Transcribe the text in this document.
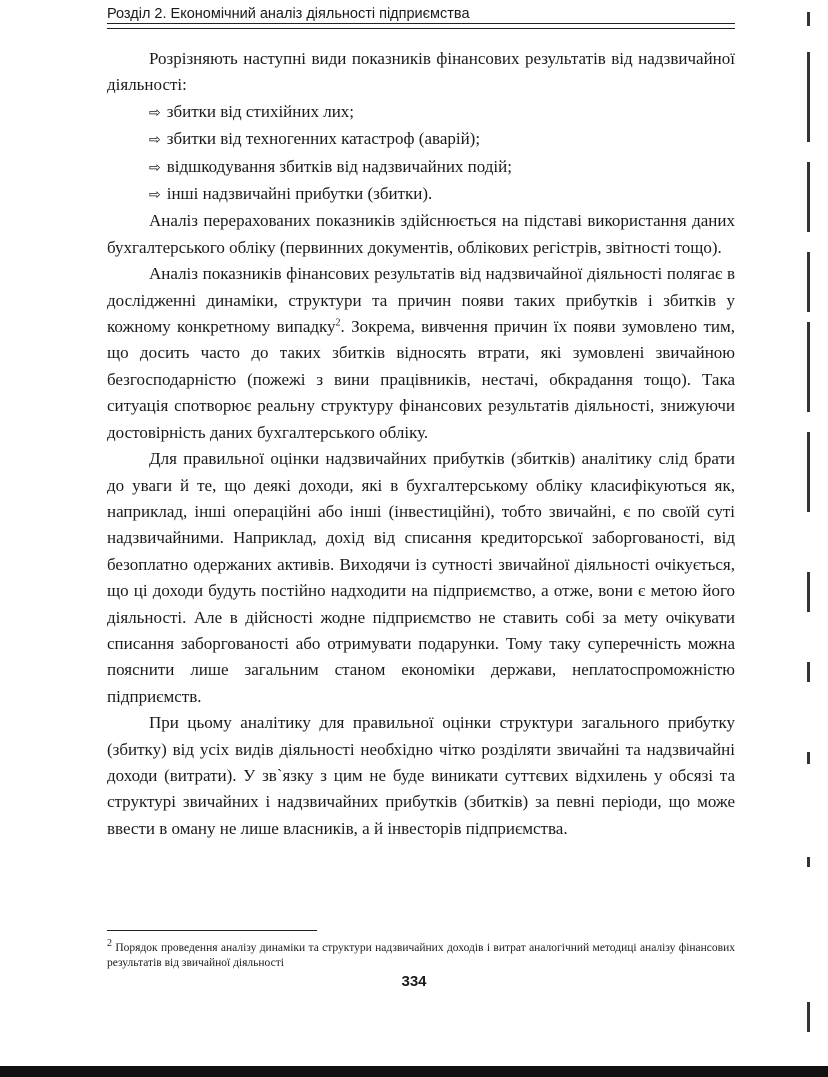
Розділ 2. Економічний аналіз діяльності підприємства

Розрізняють наступні види показників фінансових результатів від надзвичайної діяльності:

⇨ збитки від стихійних лих;
⇨ збитки від техногенних катастроф (аварій);
⇨ відшкодування збитків від надзвичайних подій;
⇨ інші надзвичайні прибутки (збитки).

Аналіз перерахованих показників здійснюється на підставі використання даних бухгалтерського обліку (первинних документів, облікових регістрів, звітності тощо).

Аналіз показників фінансових результатів від надзвичайної діяльності полягає в дослідженні динаміки, структури та причин появи таких прибутків і збитків у кожному конкретному випадку$^2$. Зокрема, вивчення причин їх появи зумовлено тим, що досить часто до таких збитків відносять втрати, які зумовлені звичайною безгосподарністю (пожежі з вини працівників, нестачі, обкрадання тощо). Така ситуація спотворює реальну структуру фінансових результатів діяльності, знижуючи достовірність даних бухгалтерського обліку.

Для правильної оцінки надзвичайних прибутків (збитків) аналітику слід брати до уваги й те, що деякі доходи, які в бухгалтерському обліку класифікуються як, наприклад, інші операційні або інші (інвестиційні), тобто звичайні, є по своїй суті надзвичайними. Наприклад, дохід від списання кредиторської заборгованості, від безоплатно одержаних активів. Виходячи із сутності звичайної діяльності очікується, що ці доходи будуть постійно надходити на підприємство, а отже, вони є метою його діяльності. Але в дійсності жодне підприємство не ставить собі за мету очікувати списання заборгованості або отримувати подарунки. Тому таку суперечність можна пояснити лише загальним станом економіки держави, неплатоспроможністю підприємств.

При цьому аналітику для правильної оцінки структури загального прибутку (збитку) від усіх видів діяльності необхідно чітко розділяти звичайні та надзвичайні доходи (витрати). У зв`язку з цим не буде виникати суттєвих відхилень у обсязі та структурі звичайних і надзвичайних прибутків (збитків) за певні періоди, що може ввести в оману не лише власників, а й інвесторів підприємства.

$^2$ Порядок проведення аналізу динаміки та структури надзвичайних доходів і витрат аналогічний методиці аналізу фінансових результатів від звичайної діяльності
334
